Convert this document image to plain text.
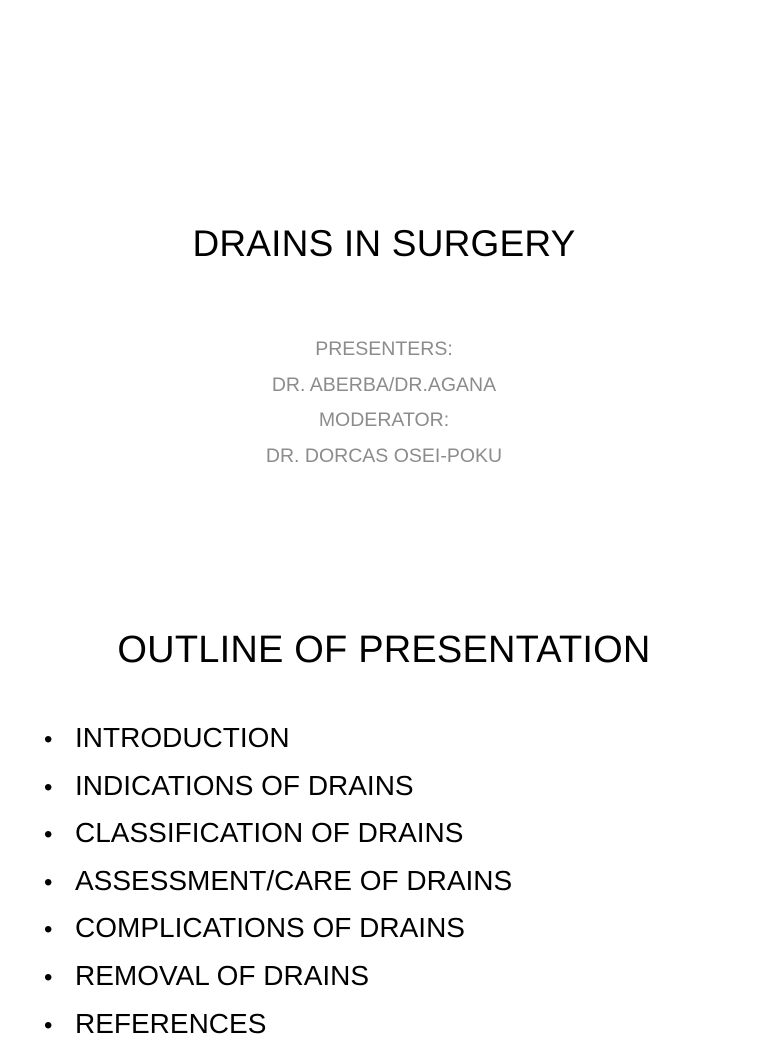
DRAINS IN SURGERY
PRESENTERS:
DR. ABERBA/DR.AGANA
MODERATOR:
DR. DORCAS OSEI-POKU
OUTLINE OF PRESENTATION
• INTRODUCTION
• INDICATIONS OF DRAINS
• CLASSIFICATION OF DRAINS
• ASSESSMENT/CARE OF DRAINS
• COMPLICATIONS OF DRAINS
• REMOVAL OF DRAINS
• REFERENCES
